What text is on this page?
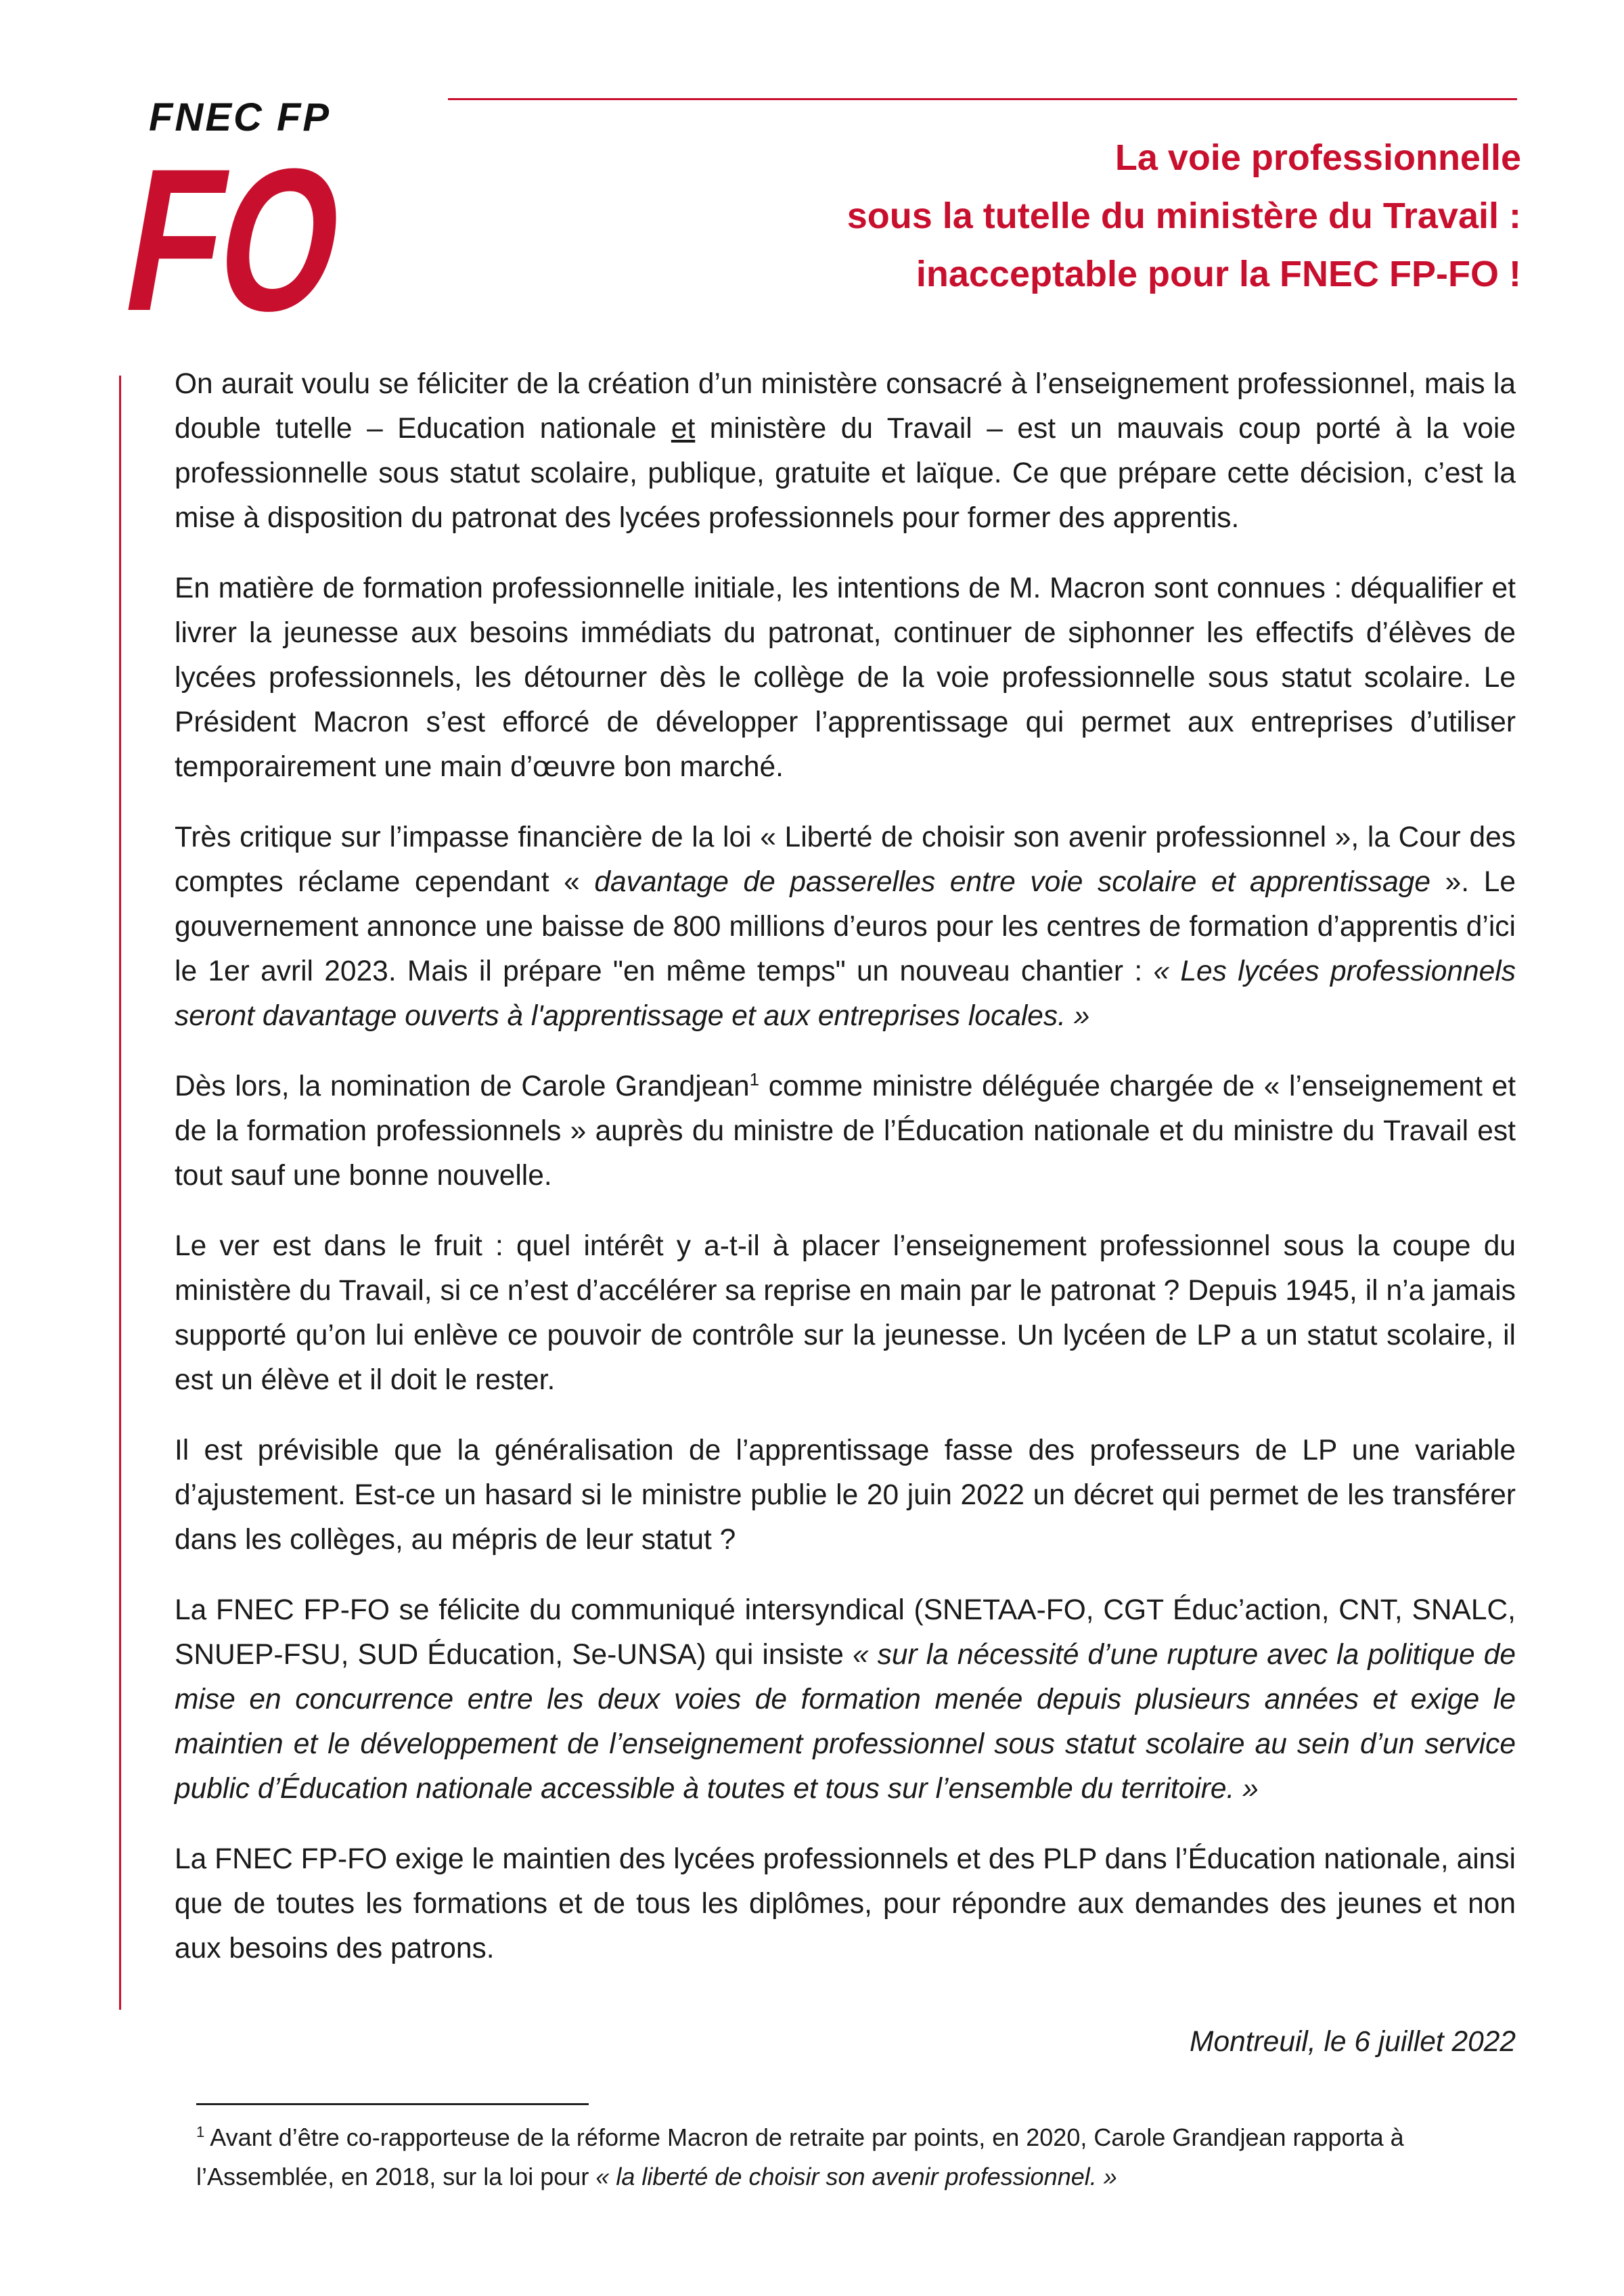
FNEC FP
FO	La voie professionnelle
sous la tutelle du ministère du Travail :
inacceptable pour la FNEC FP-FO !

On aurait voulu se féliciter de la création d’un ministère consacré à l’enseignement professionnel, mais la double tutelle – Education nationale et ministère du Travail – est un mauvais coup porté à la voie professionnelle sous statut scolaire, publique, gratuite et laïque. Ce que prépare cette décision, c’est la mise à disposition du patronat des lycées professionnels pour former des apprentis.

En matière de formation professionnelle initiale, les intentions de M. Macron sont connues : déqualifier et livrer la jeunesse aux besoins immédiats du patronat, continuer de siphonner les effectifs d’élèves de lycées professionnels, les détourner dès le collège de la voie professionnelle sous statut scolaire. Le Président Macron s’est efforcé de développer l’apprentissage qui permet aux entreprises d’utiliser temporairement une main d’œuvre bon marché.

Très critique sur l’impasse financière de la loi « Liberté de choisir son avenir professionnel », la Cour des comptes réclame cependant « davantage de passerelles entre voie scolaire et apprentissage ». Le gouvernement annonce une baisse de 800 millions d’euros pour les centres de formation d’apprentis d’ici le 1er avril 2023. Mais il prépare "en même temps" un nouveau chantier : « Les lycées professionnels seront davantage ouverts à l'apprentissage et aux entreprises locales. »

Dès lors, la nomination de Carole Grandjean$^1$ comme ministre déléguée chargée de « l’enseignement et de la formation professionnels » auprès du ministre de l’Éducation nationale et du ministre du Travail est tout sauf une bonne nouvelle.

Le ver est dans le fruit : quel intérêt y a-t-il à placer l’enseignement professionnel sous la coupe du ministère du Travail, si ce n’est d’accélérer sa reprise en main par le patronat ? Depuis 1945, il n’a jamais supporté qu’on lui enlève ce pouvoir de contrôle sur la jeunesse. Un lycéen de LP a un statut scolaire, il est un élève et il doit le rester.

Il est prévisible que la généralisation de l’apprentissage fasse des professeurs de LP une variable d’ajustement. Est-ce un hasard si le ministre publie le 20 juin 2022 un décret qui permet de les transférer dans les collèges, au mépris de leur statut ?

La FNEC FP-FO se félicite du communiqué intersyndical (SNETAA-FO, CGT Éduc’action, CNT, SNALC, SNUEP-FSU, SUD Éducation, Se-UNSA) qui insiste « sur la nécessité d’une rupture avec la politique de mise en concurrence entre les deux voies de formation menée depuis plusieurs années et exige le maintien et le développement de l’enseignement professionnel sous statut scolaire au sein d’un service public d’Éducation nationale accessible à toutes et tous sur l’ensemble du territoire. »

La FNEC FP-FO exige le maintien des lycées professionnels et des PLP dans l’Éducation nationale, ainsi que de toutes les formations et de tous les diplômes, pour répondre aux demandes des jeunes et non aux besoins des patrons.

Montreuil, le 6 juillet 2022

$^1$ Avant d’être co-rapporteuse de la réforme Macron de retraite par points, en 2020, Carole Grandjean rapporta à l’Assemblée, en 2018, sur la loi pour « la liberté de choisir son avenir professionnel. »
